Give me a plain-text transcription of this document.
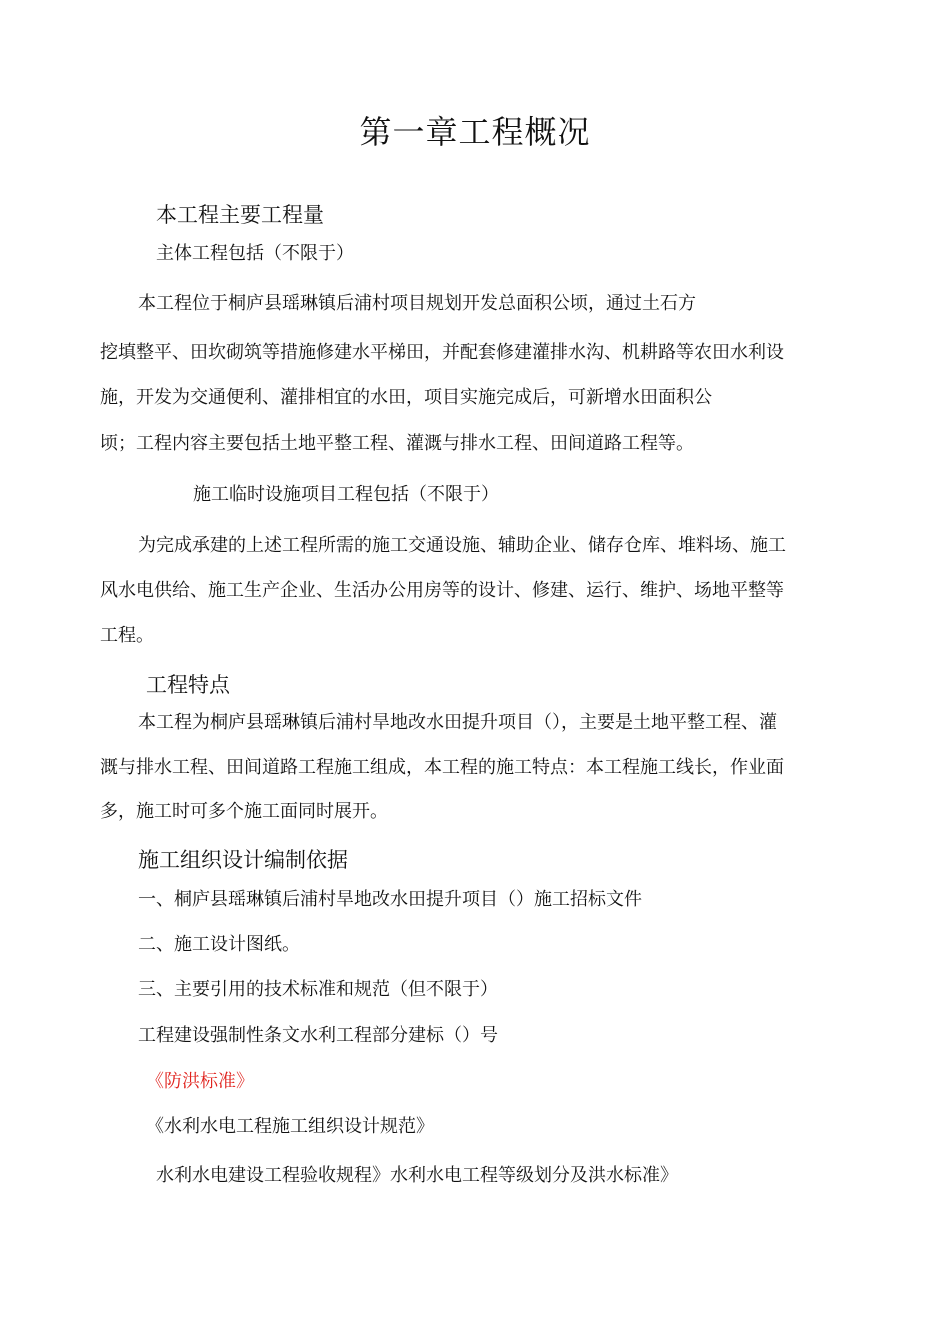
第一章工程概况
本工程主要工程量
主体工程包括（不限于）
本工程位于桐庐县瑶琳镇后浦村项目规划开发总面积公顷，通过土石方
挖填整平、田坎砌筑等措施修建水平梯田，并配套修建灌排水沟、机耕路等农田水利设
施，开发为交通便利、灌排相宜的水田，项目实施完成后，可新增水田面积公
顷；工程内容主要包括土地平整工程、灌溉与排水工程、田间道路工程等。
施工临时设施项目工程包括（不限于）
为完成承建的上述工程所需的施工交通设施、辅助企业、储存仓库、堆料场、施工
风水电供给、施工生产企业、生活办公用房等的设计、修建、运行、维护、场地平整等
工程。
工程特点
本工程为桐庐县瑶琳镇后浦村旱地改水田提升项目（），主要是土地平整工程、灌
溉与排水工程、田间道路工程施工组成，本工程的施工特点：本工程施工线长，作业面
多，施工时可多个施工面同时展开。
施工组织设计编制依据
一、桐庐县瑶琳镇后浦村旱地改水田提升项目（）施工招标文件
二、施工设计图纸。
三、主要引用的技术标准和规范（但不限于）
工程建设强制性条文水利工程部分建标（）号
《防洪标准》
《水利水电工程施工组织设计规范》
水利水电建设工程验收规程》水利水电工程等级划分及洪水标准》
